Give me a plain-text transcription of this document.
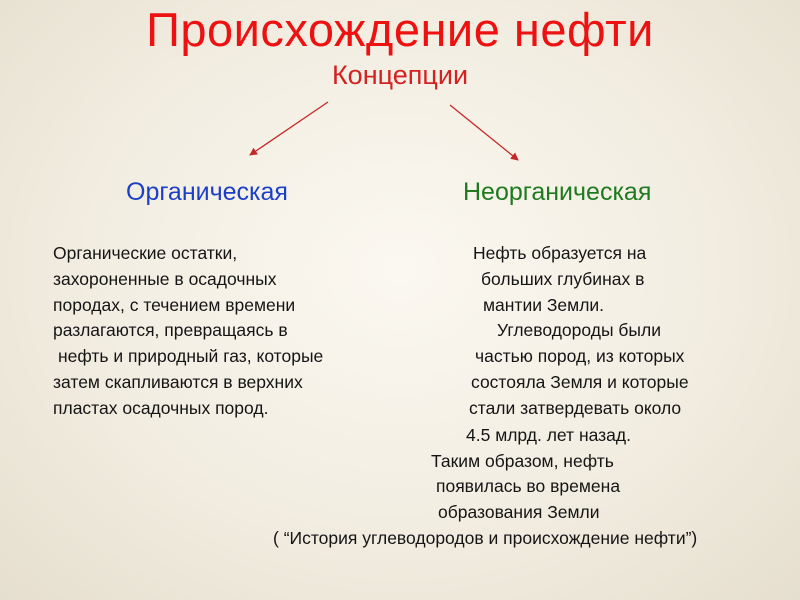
Происхождение нефти
Концепции
Органическая	Неорганическая
Органические остатки,
захороненные в осадочных
породах, с течением времени
разлагаются, превращаясь в
нефть и природный газ, которые
затем скапливаются в верхних
пластах осадочных пород.
Нефть образуется на
больших глубинах в
мантии Земли.
Углеводороды были
частью пород, из которых
состояла Земля и которые
стали затвердевать около
4.5 млрд. лет назад.
Таким образом, нефть
появилась во времена
образования Земли
( “История углеводородов и происхождение нефти”)
